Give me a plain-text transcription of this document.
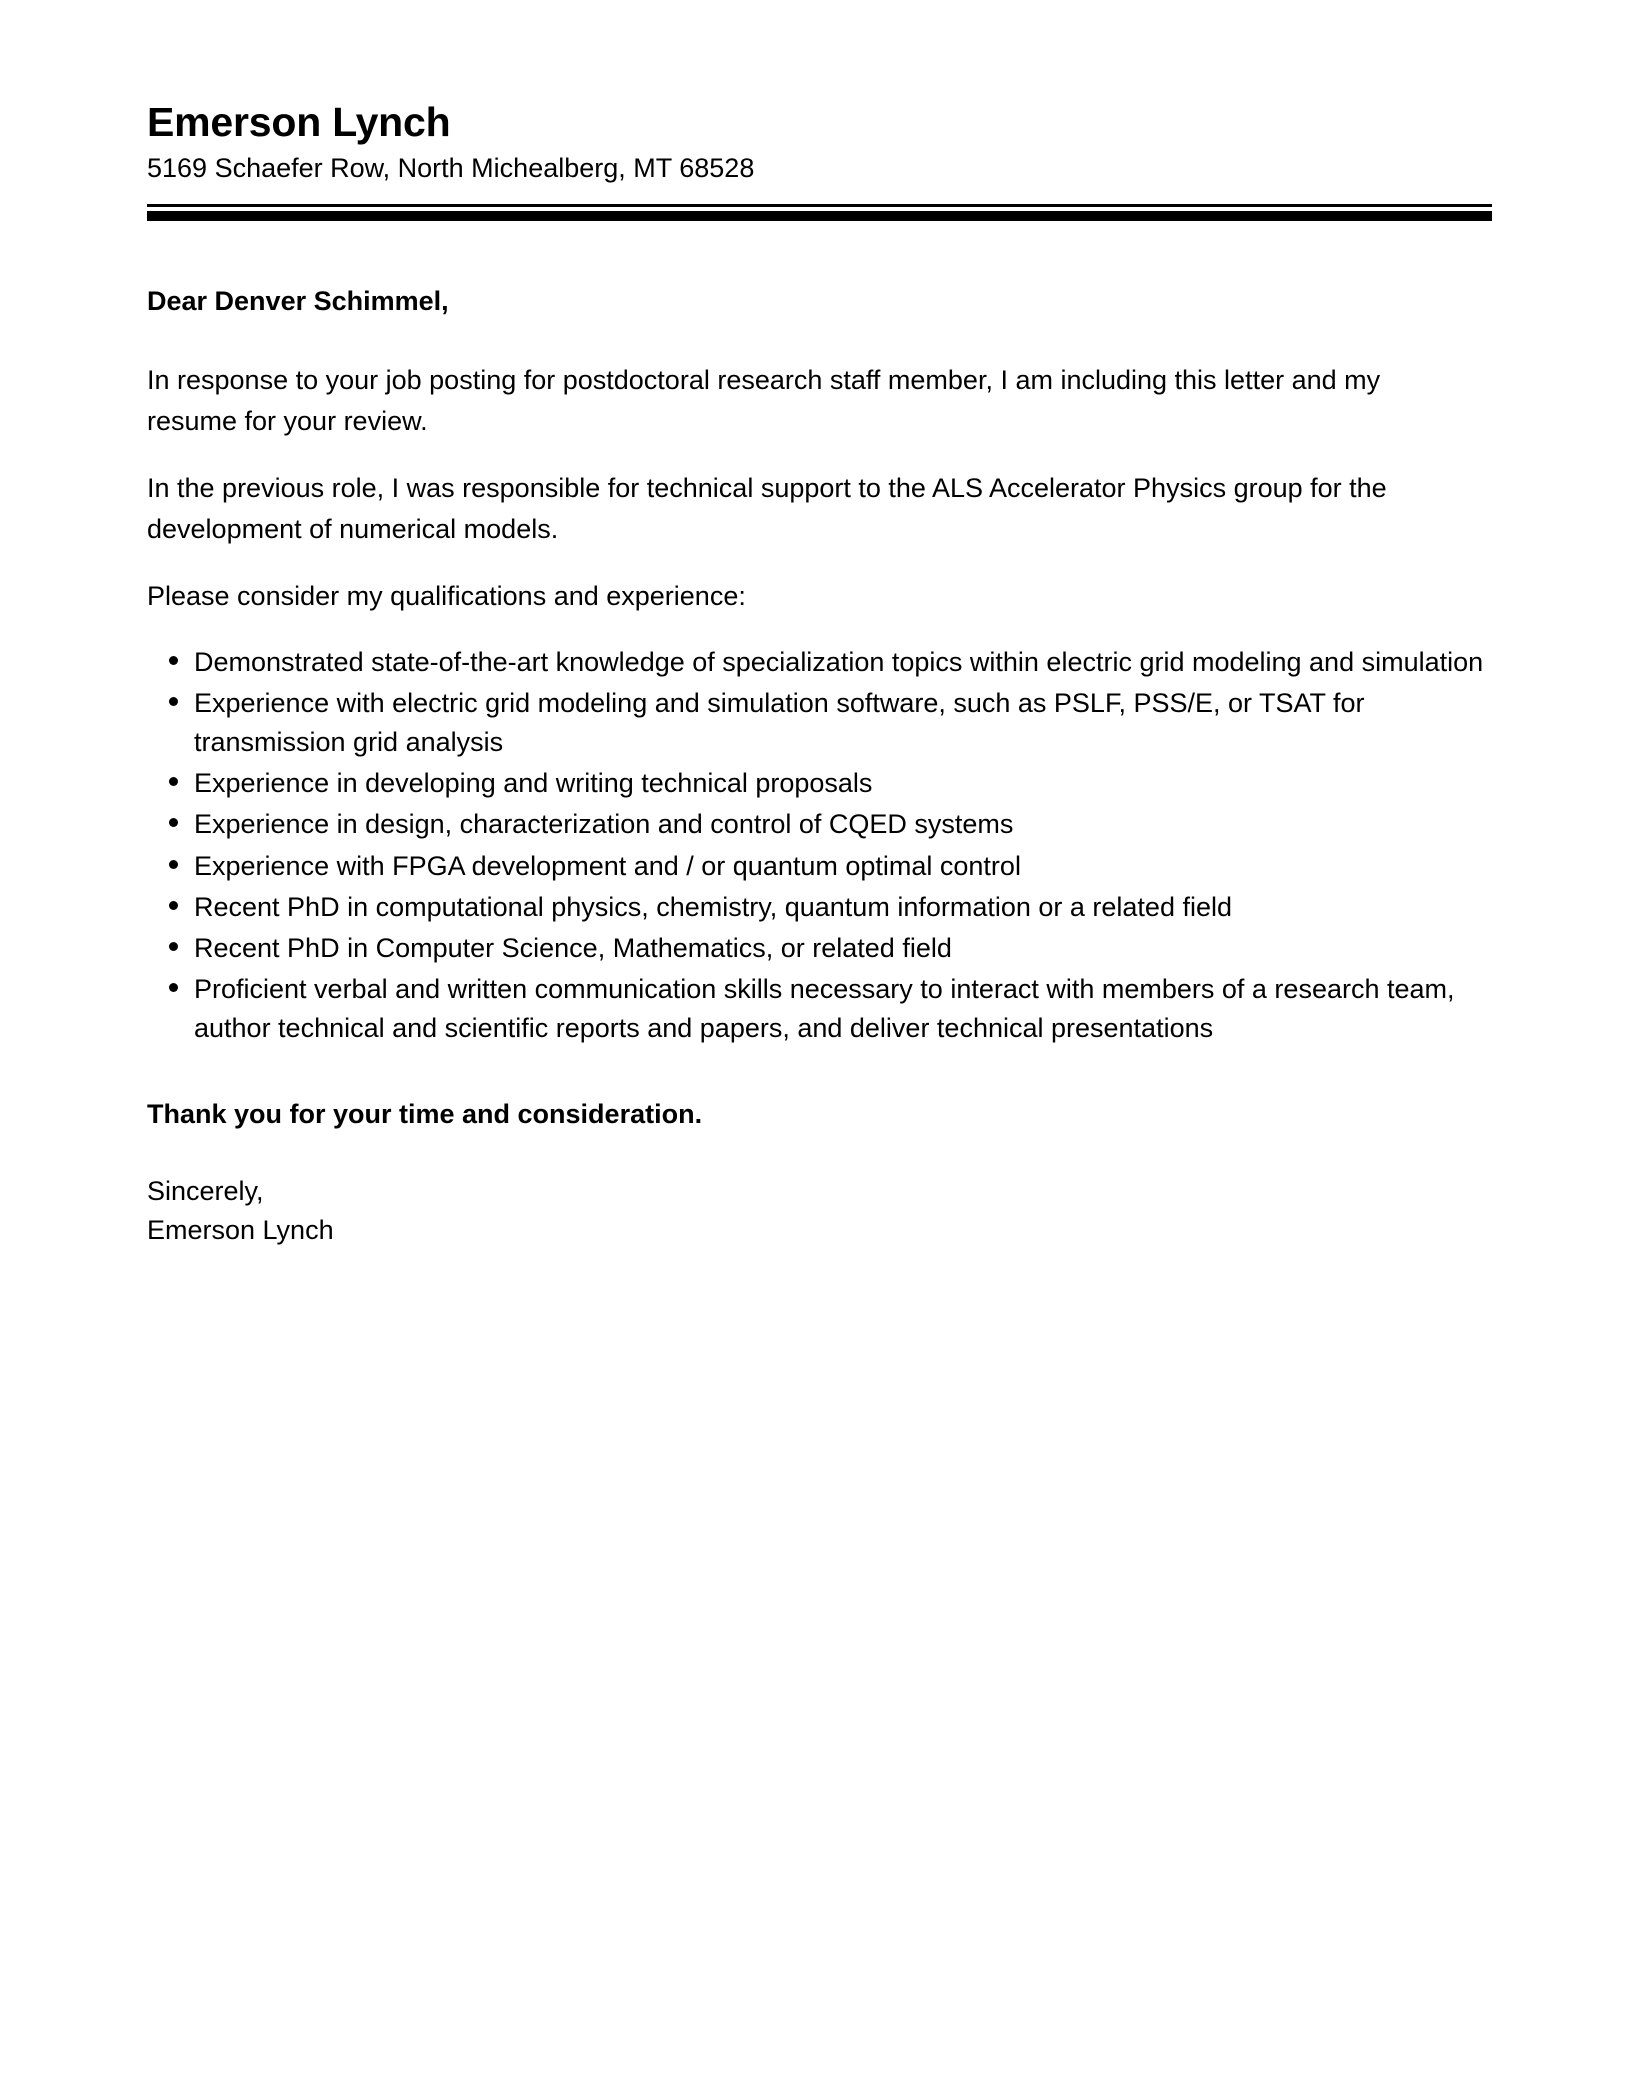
Emerson Lynch

5169 Schaefer Row, North Michealberg, MT 68528

Dear Denver Schimmel,

In response to your job posting for postdoctoral research staff member, I am including this letter and my resume for your review.

In the previous role, I was responsible for technical support to the ALS Accelerator Physics group for the development of numerical models.

Please consider my qualifications and experience:

Demonstrated state-of-the-art knowledge of specialization topics within electric grid modeling and simulation
Experience with electric grid modeling and simulation software, such as PSLF, PSS/E, or TSAT for transmission grid analysis
Experience in developing and writing technical proposals
Experience in design, characterization and control of CQED systems
Experience with FPGA development and / or quantum optimal control
Recent PhD in computational physics, chemistry, quantum information or a related field
Recent PhD in Computer Science, Mathematics, or related field
Proficient verbal and written communication skills necessary to interact with members of a research team, author technical and scientific reports and papers, and deliver technical presentations

Thank you for your time and consideration.

Sincerely,

Emerson Lynch
